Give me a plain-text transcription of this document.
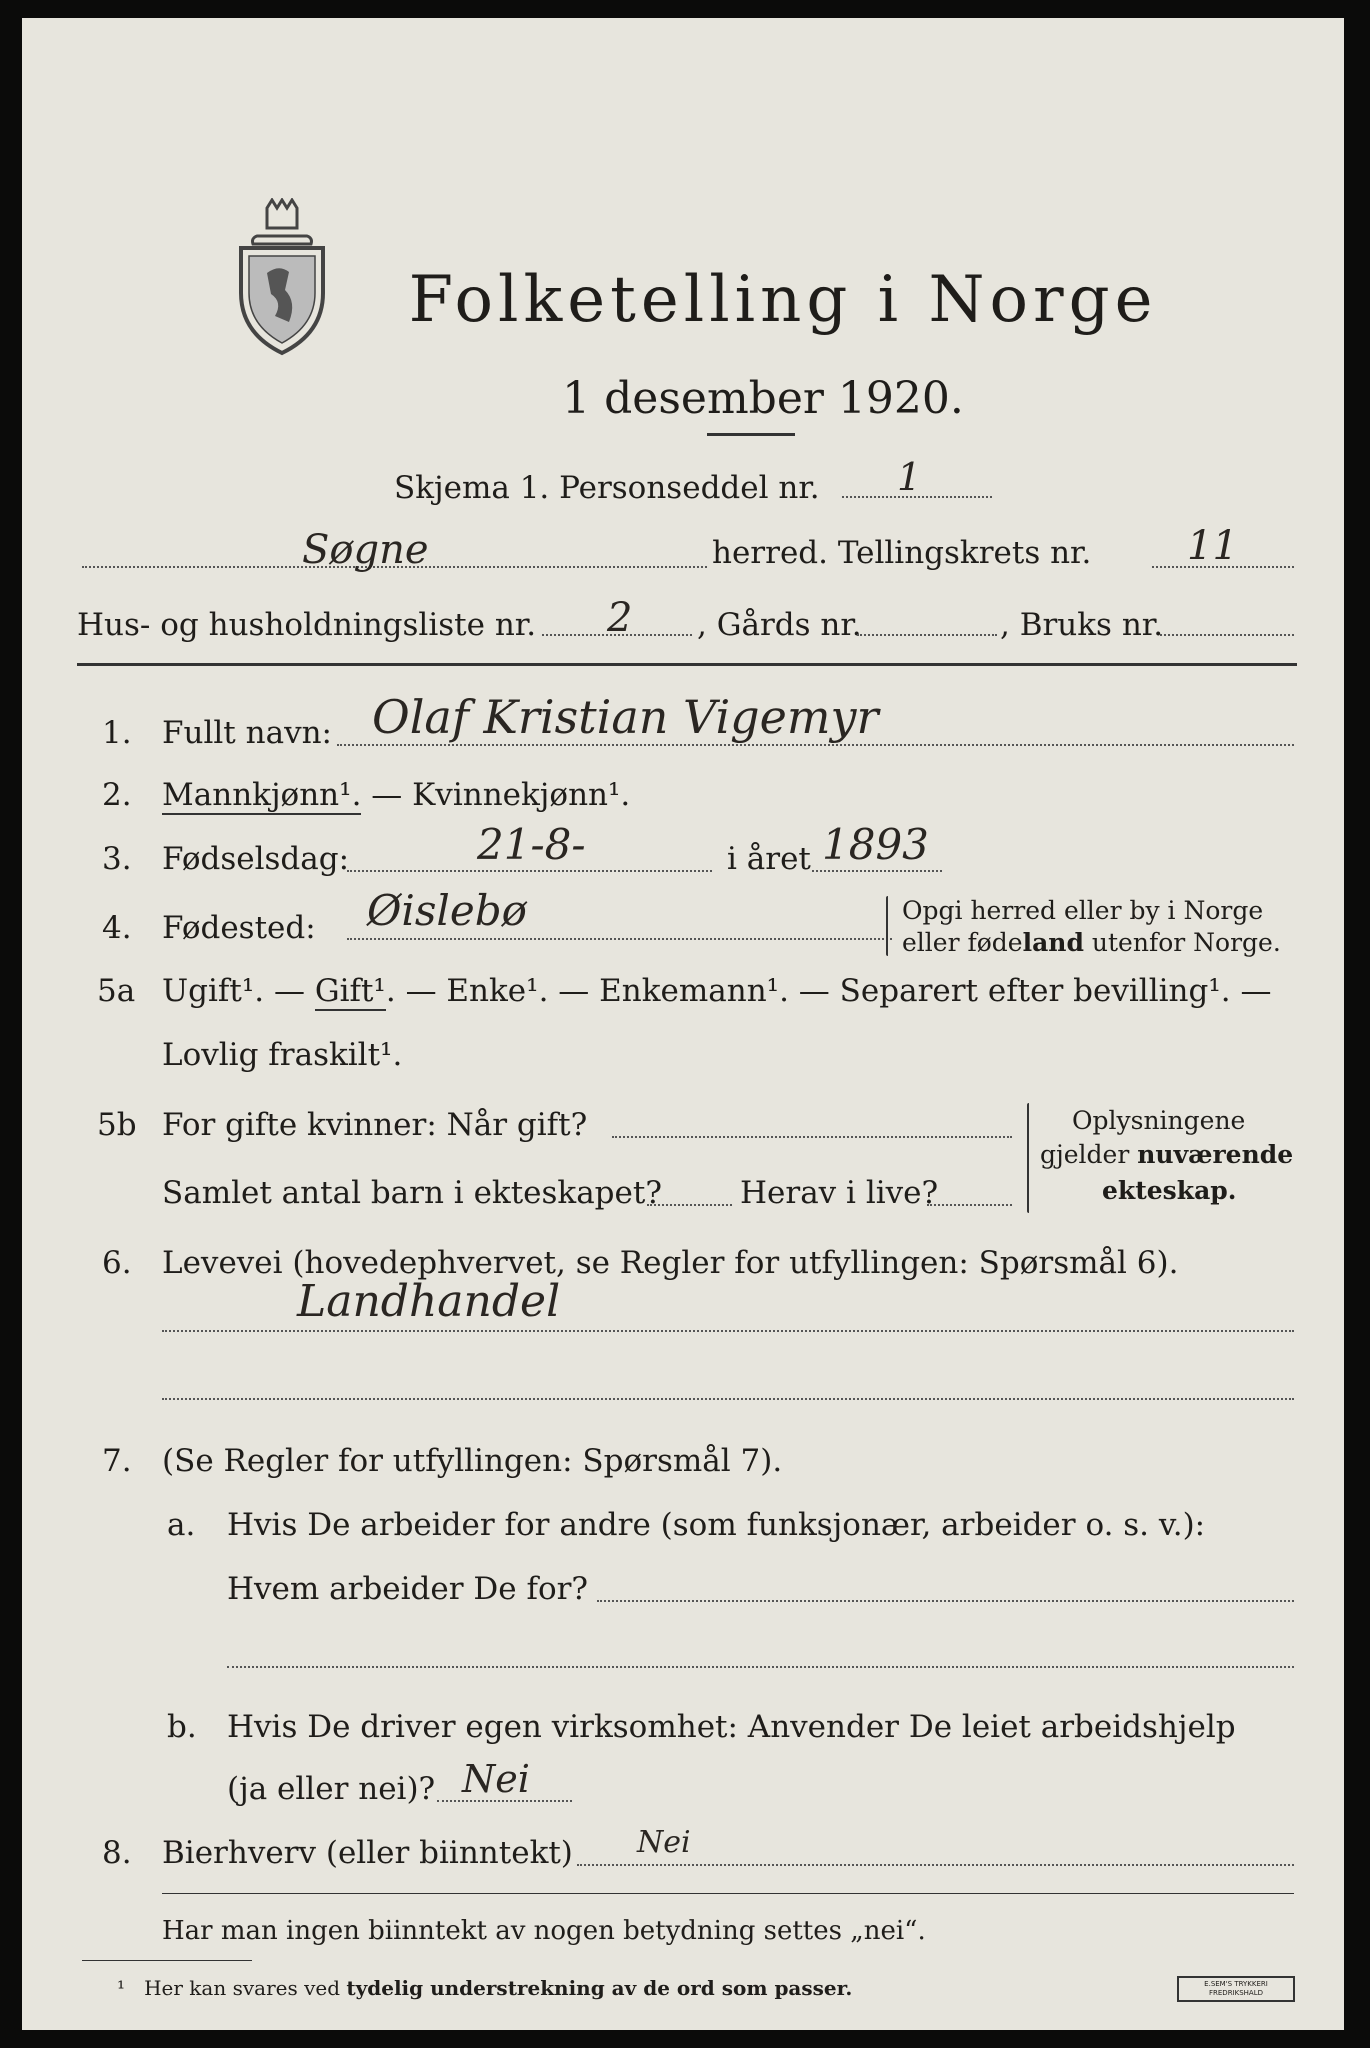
Folketelling i Norge
1 desember 1920.
Skjema 1. Personseddel nr. 1
Søgne	herred. Tellingskrets nr. 11
Hus- og husholdningsliste nr. 2 , Gårds nr.	, Bruks nr.
1. Fullt navn: Olaf Kristian Vigemyr
2. Mannkjønn¹. — Kvinnekjønn¹.
3. Fødselsdag:	21-8-	i året 1893
4. Fødested: Øislebø	Opgi herred eller by i Norge
eller fødeland utenfor Norge.
5a Ugift¹. — Gift¹. — Enke¹. — Enkemann¹. — Separert efter bevilling¹. —
Lovlig fraskilt¹.
5b For gifte kvinner: Når gift?
Samlet antal barn i ekteskapet?	Herav i live?
Oplysningene
gjelder nuværende
ekteskap.
6. Levevei (hovedерhvervet, se Regler for utfyllingen: Spørsmål 6).
Landhandel
7. (Se Regler for utfyllingen: Spørsmål 7).
a. Hvis De arbeider for andre (som funksjonær, arbeider o. s. v.):
Hvem arbeider De for?
b. Hvis De driver egen virksomhet: Anvender De leiet arbeidshjelp
(ja eller nei)? Nei
8. Bierhverv (eller biinntekt) Nei
Har man ingen biinntekt av nogen betydning settes „nei“.
¹ Her kan svares ved tydelig understrekning av de ord som passer.	E.SEM'S TRYKKERI FREDRIKSHALD
